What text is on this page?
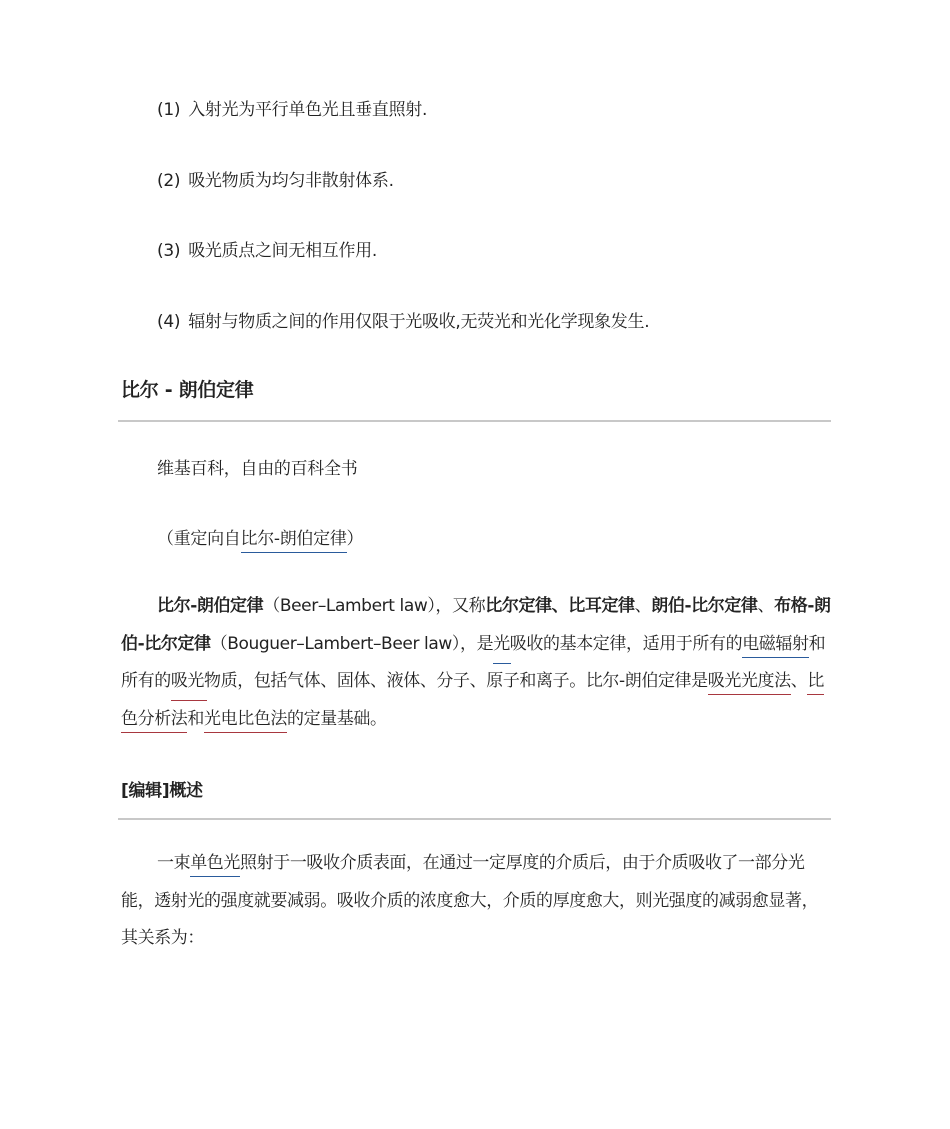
(1) 入射光为平行单色光且垂直照射.

(2) 吸光物质为均匀非散射体系.

(3) 吸光质点之间无相互作用.

(4) 辐射与物质之间的作用仅限于光吸收,无荧光和光化学现象发生.

比尔 - 朗伯定律

维基百科，自由的百科全书

（重定向自比尔-朗伯定律）

比尔-朗伯定律（Beer–Lambert law），又称比尔定律、比耳定律、朗伯-比尔定律、布格-朗伯-比尔定律（Bouguer–Lambert–Beer law），是光吸收的基本定律，适用于所有的电磁辐射和所有的吸光物质，包括气体、固体、液体、分子、原子和离子。比尔-朗伯定律是吸光光度法、比色分析法和光电比色法的定量基础。

[编辑]概述

一束单色光照射于一吸收介质表面，在通过一定厚度的介质后，由于介质吸收了一部分光能，透射光的强度就要减弱。吸收介质的浓度愈大，介质的厚度愈大，则光强度的减弱愈显著，其关系为：
